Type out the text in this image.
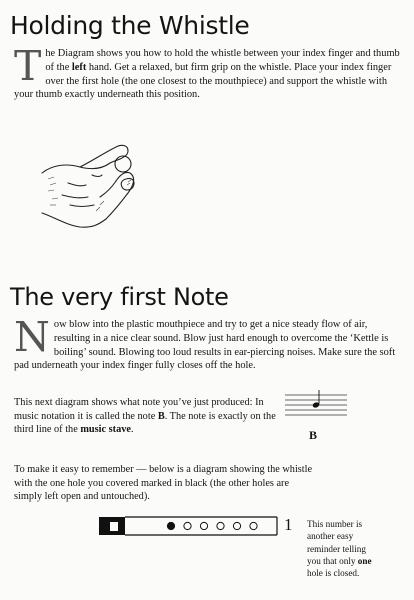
Holding the Whistle

The Diagram shows you how to hold the whistle between your index finger and thumb of the left hand. Get a relaxed, but firm grip on the whistle. Place your index finger over the first hole (the one closest to the mouthpiece) and support the whistle with your thumb exactly underneath this position.

The very first Note

Now blow into the plastic mouthpiece and try to get a nice steady flow of air, resulting in a nice clear sound. Blow just hard enough to overcome the ‘Kettle is boiling’ sound. Blowing too loud results in ear-piercing noises. Make sure the soft pad underneath your index finger fully closes off the hole.

This next diagram shows what note you’ve just produced: In music notation it is called the note B. The note is exactly on the third line of the music stave.	B

To make it easy to remember — below is a diagram showing the whistle with the one hole you covered marked in black (the other holes are simply left open and untouched).

1 This number is another easy reminder telling you that only one hole is closed.
